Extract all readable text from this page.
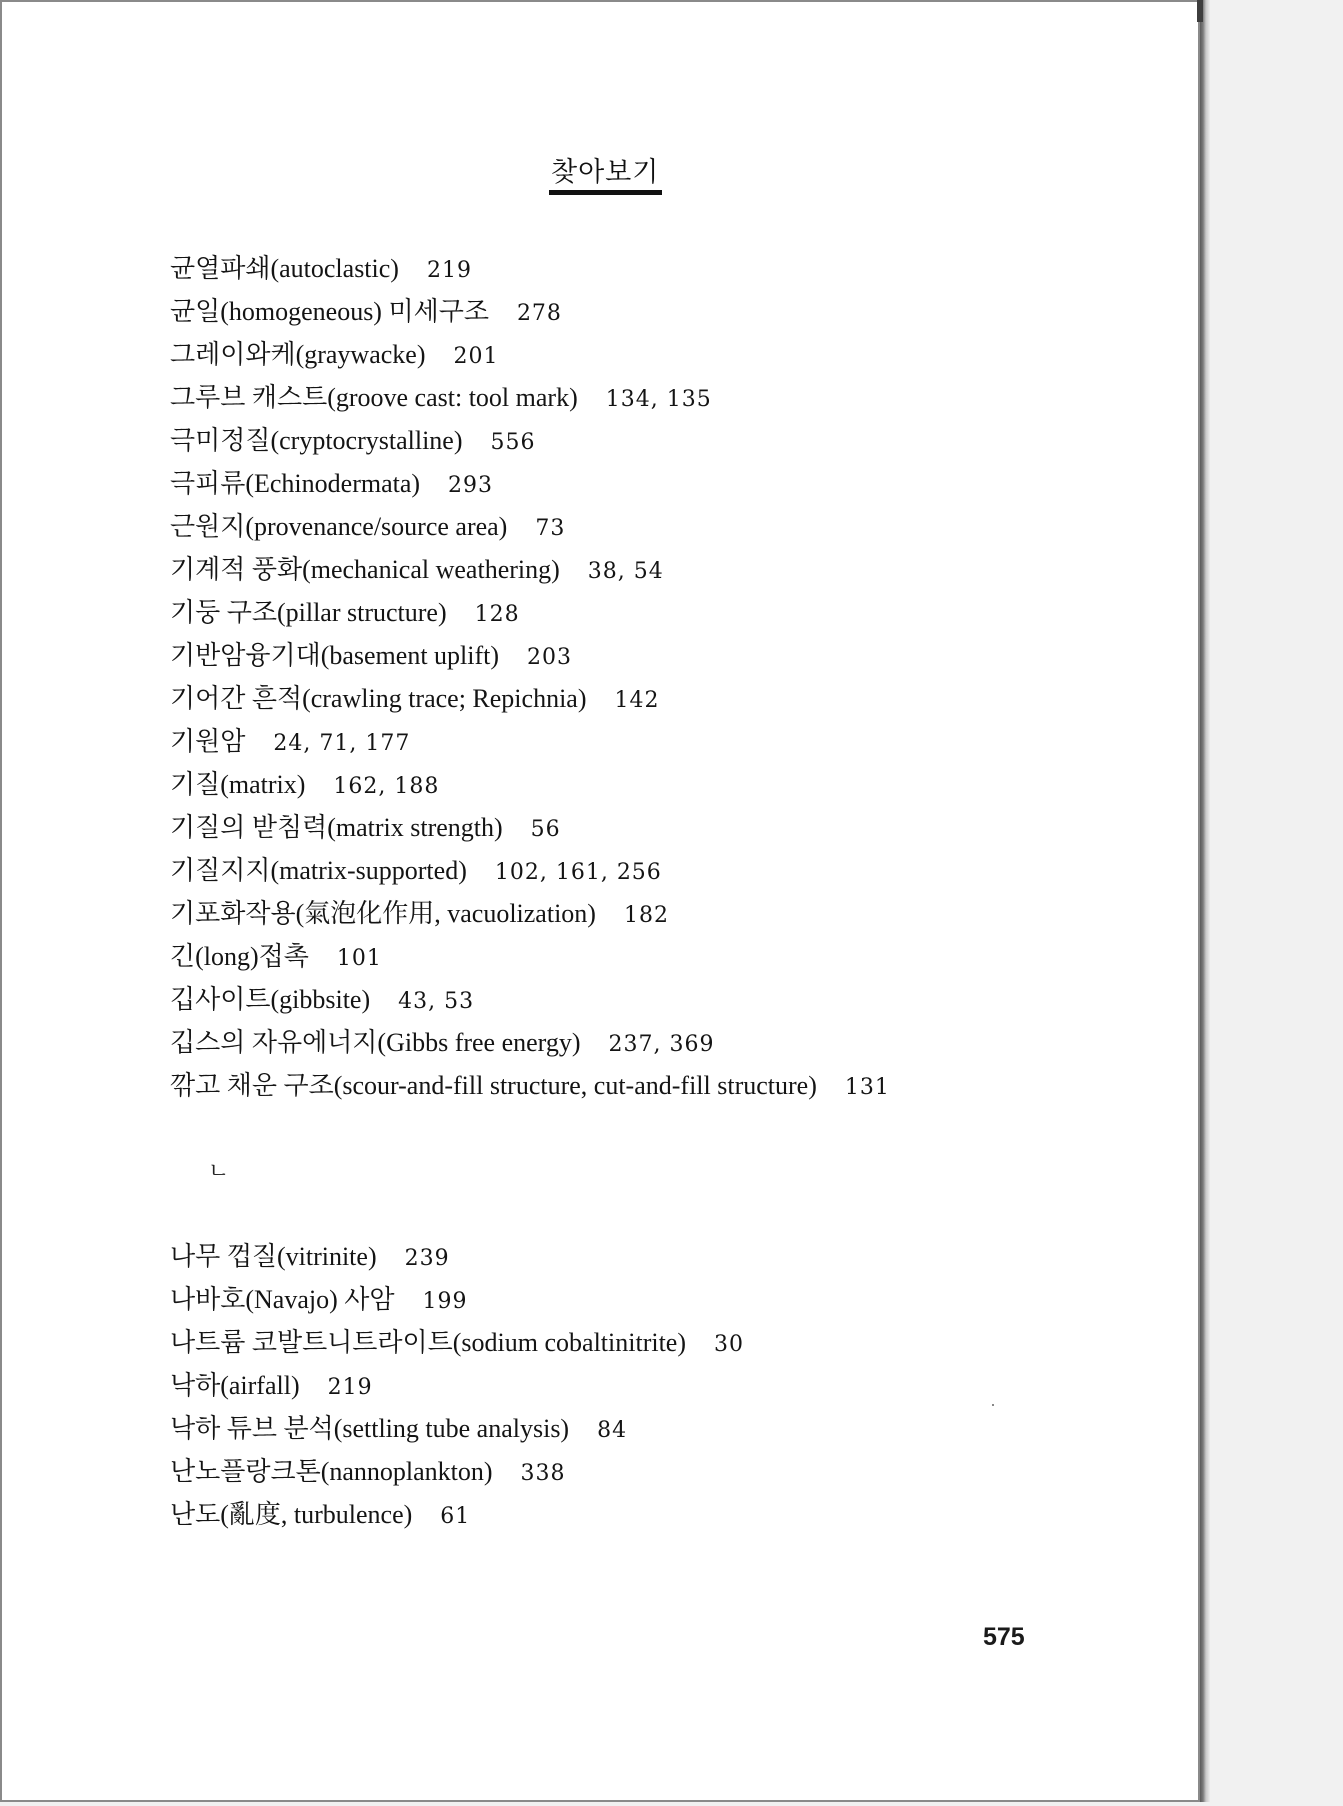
찾아보기
균열파쇄(autoclastic) 219
균일(homogeneous) 미세구조 278
그레이와케(graywacke) 201
그루브 캐스트(groove cast: tool mark) 134, 135
극미정질(cryptocrystalline) 556
극피류(Echinodermata) 293
근원지(provenance/source area) 73
기계적 풍화(mechanical weathering) 38, 54
기둥 구조(pillar structure) 128
기반암융기대(basement uplift) 203
기어간 흔적(crawling trace; Repichnia) 142
기원암 24, 71, 177
기질(matrix) 162, 188
기질의 받침력(matrix strength) 56
기질지지(matrix-supported) 102, 161, 256
기포화작용(氣泡化作用, vacuolization) 182
긴(long)접촉 101
깁사이트(gibbsite) 43, 53
깁스의 자유에너지(Gibbs free energy) 237, 369
깎고 채운 구조(scour-and-fill structure, cut-and-fill structure) 131
ㄴ
나무 껍질(vitrinite) 239
나바호(Navajo) 사암 199
나트륨 코발트니트라이트(sodium cobaltinitrite) 30
낙하(airfall) 219
낙하 튜브 분석(settling tube analysis) 84
난노플랑크톤(nannoplankton) 338
난도(亂度, turbulence) 61
575
